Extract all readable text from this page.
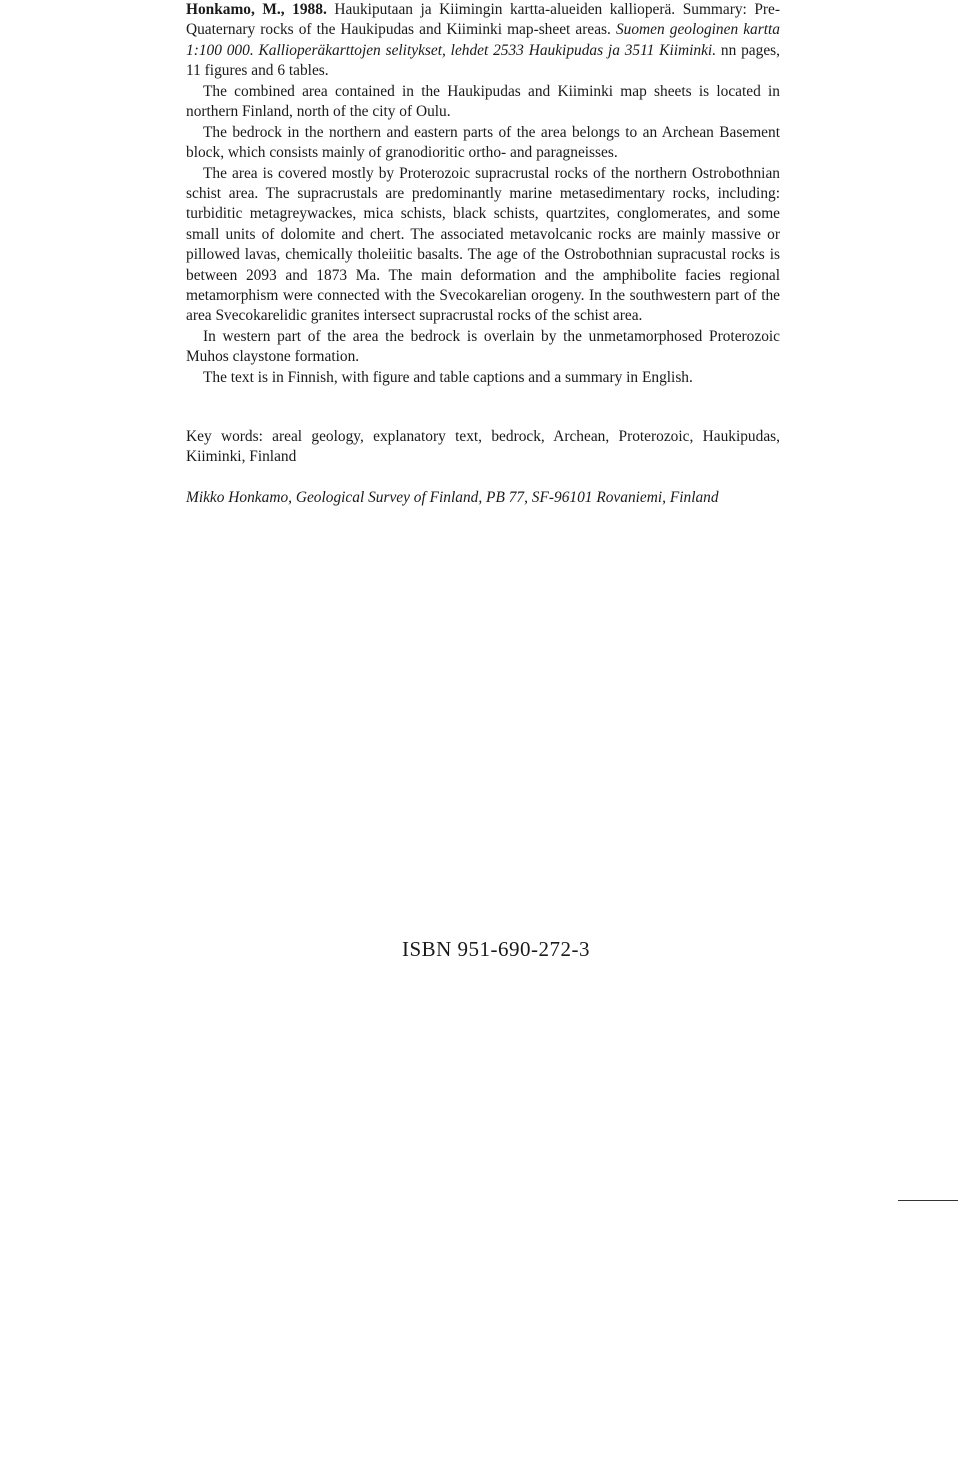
Honkamo, M., 1988. Haukiputaan ja Kiimingin kartta-alueiden kallioperä. Summary: Pre-Quaternary rocks of the Haukipudas and Kiiminki map-sheet areas. Suomen geologinen kartta 1:100 000. Kallioperäkarttojen selitykset, lehdet 2533 Haukipudas ja 3511 Kiiminki. nn pages, 11 figures and 6 tables.

The combined area contained in the Haukipudas and Kiiminki map sheets is located in northern Finland, north of the city of Oulu.

The bedrock in the northern and eastern parts of the area belongs to an Archean Basement block, which consists mainly of granodioritic ortho- and paragneisses.

The area is covered mostly by Proterozoic supracrustal rocks of the northern Ostrobothnian schist area. The supracrustals are predominantly marine metasedimentary rocks, including: turbiditic metagreywackes, mica schists, black schists, quartzites, conglomerates, and some small units of dolomite and chert. The associated metavolcanic rocks are mainly massive or pillowed lavas, chemically tholeiitic basalts. The age of the Ostrobothnian supracustal rocks is between 2093 and 1873 Ma. The main deformation and the amphibolite facies regional metamorphism were connected with the Svecokarelian orogeny. In the southwestern part of the area Svecokarelidic granites intersect supracrustal rocks of the schist area.

In western part of the area the bedrock is overlain by the unmetamorphosed Proterozoic Muhos claystone formation.

The text is in Finnish, with figure and table captions and a summary in English.

Key words: areal geology, explanatory text, bedrock, Archean, Proterozoic, Haukipudas, Kiiminki, Finland

Mikko Honkamo, Geological Survey of Finland, PB 77, SF-96101 Rovaniemi, Finland

ISBN 951-690-272-3
